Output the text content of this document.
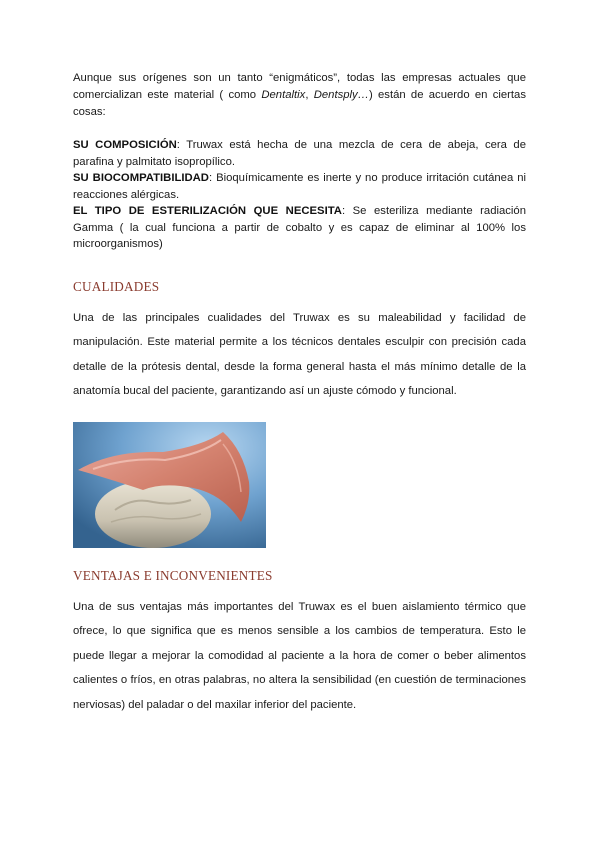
Aunque sus orígenes son un tanto “enigmáticos”, todas las empresas actuales que comercializan este material ( como Dentaltix, Dentsply…) están de acuerdo en ciertas cosas:

SU COMPOSICIÓN: Truwax está hecha de una mezcla de cera de abeja, cera de parafina y palmitato isopropílico.

SU BIOCOMPATIBILIDAD: Bioquímicamente es inerte y no produce irritación cutánea ni reacciones alérgicas.

EL TIPO DE ESTERILIZACIÓN QUE NECESITA: Se esteriliza mediante radiación Gamma ( la cual funciona a partir de cobalto y es capaz de eliminar al 100% los microorganismos)

CUALIDADES

Una de las principales cualidades del Truwax es su maleabilidad y facilidad de manipulación. Este material permite a los técnicos dentales esculpir con precisión cada detalle de la prótesis dental, desde la forma general hasta el más mínimo detalle de la anatomía bucal del paciente, garantizando así un ajuste cómodo y funcional.

VENTAJAS E INCONVENIENTES

Una de sus ventajas más importantes del Truwax es el buen aislamiento térmico que ofrece, lo que significa que es menos sensible a los cambios de temperatura. Esto le puede llegar a mejorar la comodidad al paciente a la hora de comer o beber alimentos calientes o fríos, en otras palabras, no altera la sensibilidad (en cuestión de terminaciones nerviosas) del paladar o del maxilar inferior del paciente.
